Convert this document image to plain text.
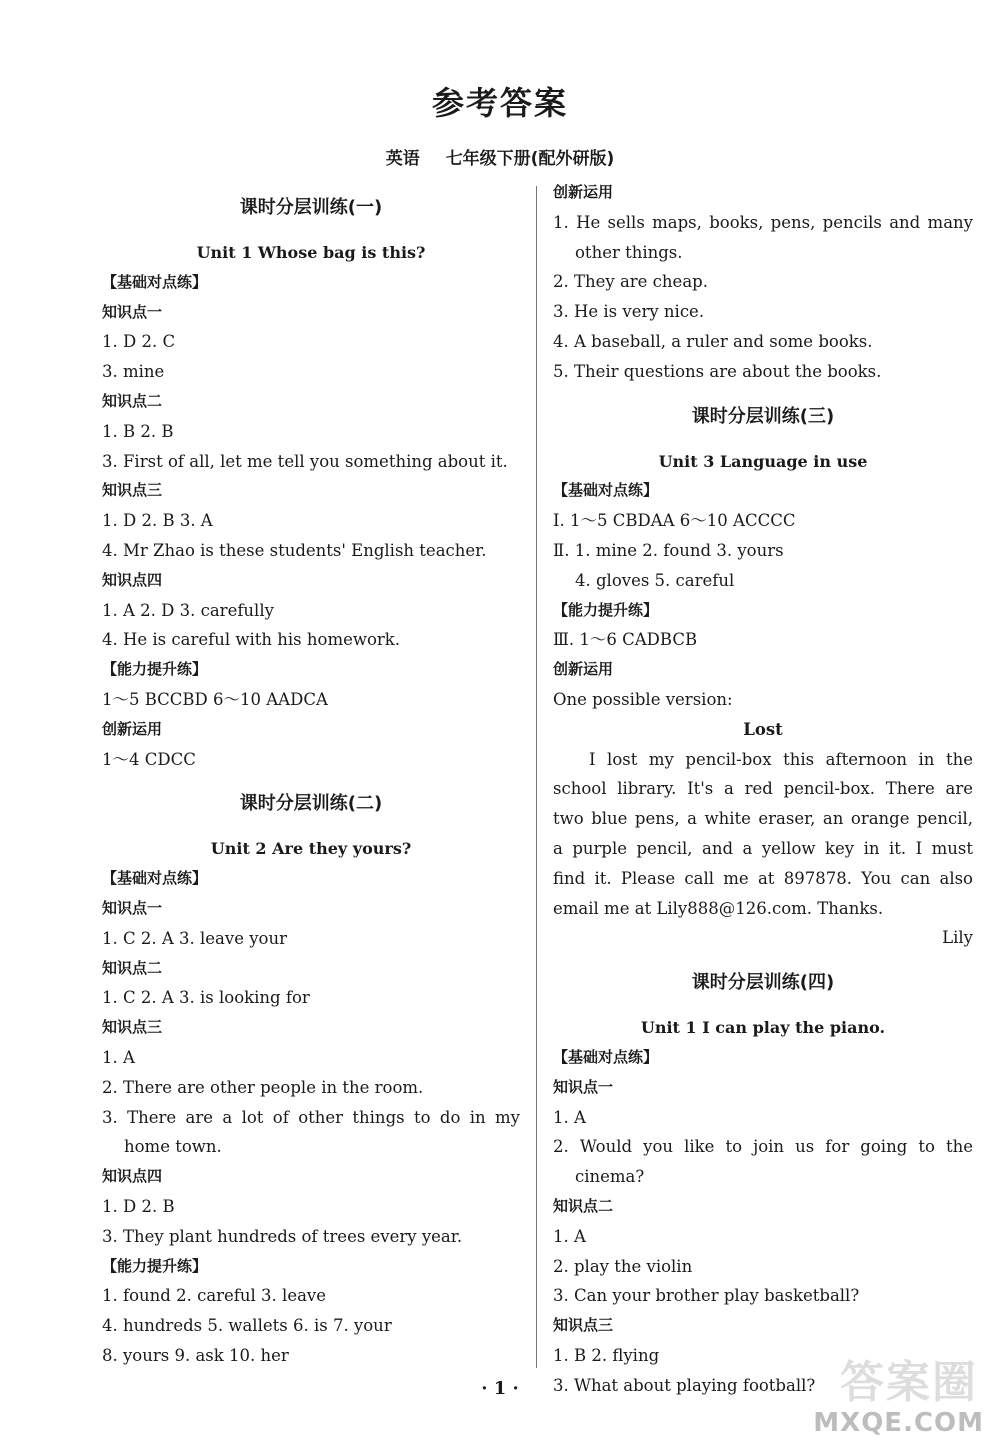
参考答案
英语 七年级下册(配外研版)
课时分层训练(一)
Unit 1 Whose bag is this?
【基础对点练】
知识点一
1. D 2. C
3. mine
知识点二
1. B 2. B
3. First of all, let me tell you something about it.
知识点三
1. D 2. B 3. A
4. Mr Zhao is these students' English teacher.
知识点四
1. A 2. D 3. carefully
4. He is careful with his homework.
【能力提升练】
1～5 BCCBD 6～10 AADCA
创新运用
1～4 CDCC
课时分层训练(二)
Unit 2 Are they yours?
【基础对点练】
知识点一
1. C 2. A 3. leave your
知识点二
1. C 2. A 3. is looking for
知识点三
1. A
2. There are other people in the room.
3. There are a lot of other things to do in my
home town.
知识点四
1. D 2. B
3. They plant hundreds of trees every year.
【能力提升练】
1. found 2. careful 3. leave
4. hundreds 5. wallets 6. is 7. your
8. yours 9. ask 10. her
创新运用
1. He sells maps, books, pens, pencils and many
other things.
2. They are cheap.
3. He is very nice.
4. A baseball, a ruler and some books.
5. Their questions are about the books.
课时分层训练(三)
Unit 3 Language in use
【基础对点练】
Ⅰ. 1～5 CBDAA 6～10 ACCCC
Ⅱ. 1. mine 2. found 3. yours
4. gloves 5. careful
【能力提升练】
Ⅲ. 1～6 CADBCB
创新运用
One possible version:
Lost
I lost my pencil-box this afternoon in the
school library. It's a red pencil-box. There are
two blue pens, a white eraser, an orange pencil,
a purple pencil, and a yellow key in it. I must
find it. Please call me at 897878. You can also
email me at Lily888@126.com. Thanks.
Lily
课时分层训练(四)
Unit 1 I can play the piano.
【基础对点练】
知识点一
1. A
2. Would you like to join us for going to the
cinema?
知识点二
1. A
2. play the violin
3. Can your brother play basketball?
知识点三
1. B 2. flying
3. What about playing football?
· 1 ·	答案圈
MXQE.COM
